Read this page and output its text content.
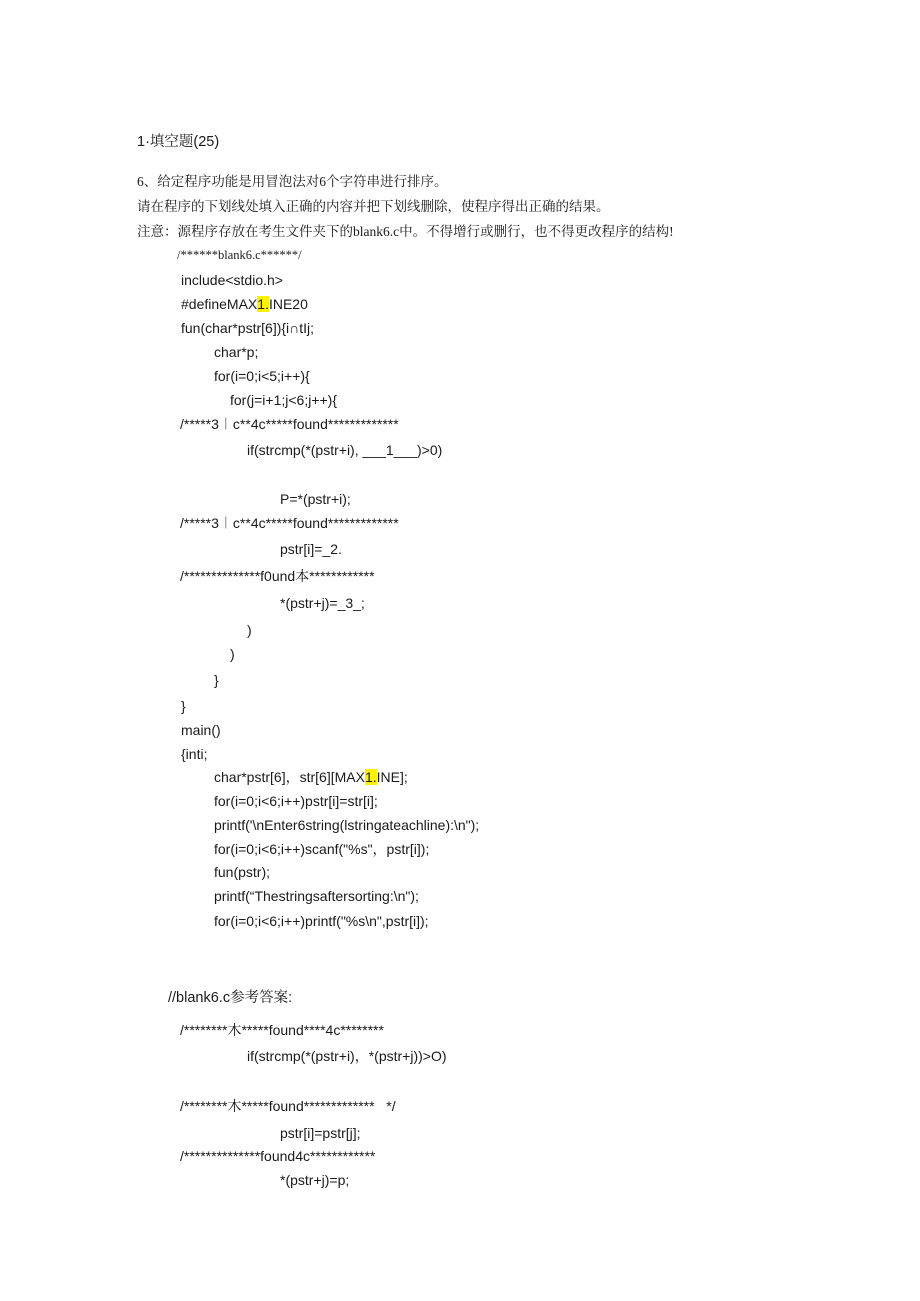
1·填空题(25)
6、给定程序功能是用冒泡法对6个字符串进行排序。
请在程序的下划线处填入正确的内容并把下划线删除，使程序得出正确的结果。
注意：源程序存放在考生文件夹下的blank6.c中。不得增行或删行，也不得更改程序的结构!
/******blank6.c******/
include<stdio.h>
#defineMAX1.INE20
fun(char*pstr[6]){i∩tIj;
char*p;
for(i=0;i<5;i++){
for(j=i+1;j<6;j++){
/*****3︱c**4c*****found*************
if(strcmp(*(pstr+i), ___1___)>0)
P=*(pstr+i);
/*****3︱c**4c*****found*************
pstr[i]=_2.
/**************f0und本************
*(pstr+j)=_3_;
)
)
}
}
main()
{inti;
char*pstr[6]，str[6][MAX1.INE];
for(i=0;i<6;i++)pstr[i]=str[i];
printf('\nEnter6string(lstringateachline):\n");
for(i=0;i<6;i++)scanf("%s"，pstr[i]);
fun(pstr);
printf(“Thestringsaftersorting:\n");
for(i=0;i<6;i++)printf("%s\n",pstr[i]);
//blank6.c参考答案:
/********木*****found****4c********
if(strcmp(*(pstr+i)，*(pstr+j))>O)
/********木*****found*************   */
pstr[i]=pstr[j];
/**************found4c************
*(pstr+j)=p;
